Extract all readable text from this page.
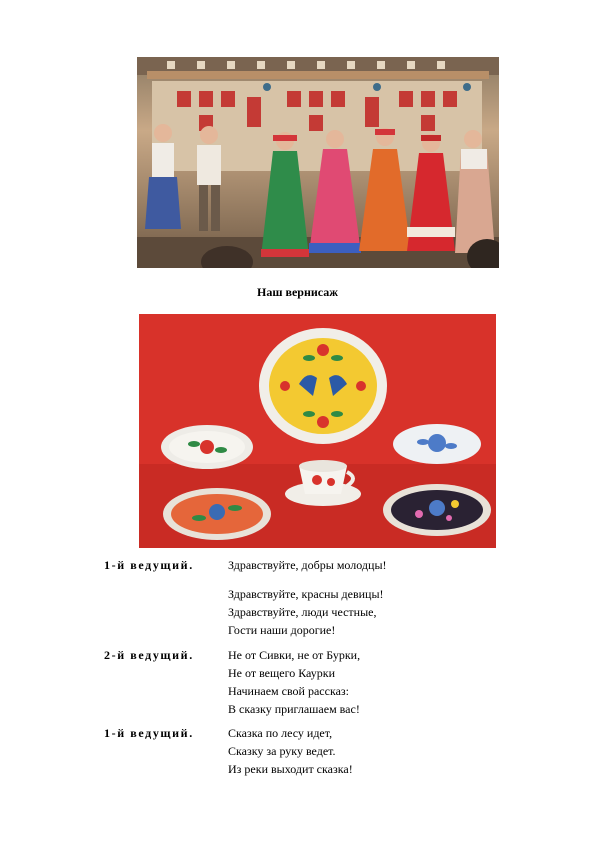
Наш вернисаж
1-й ведущий.	Здравствуйте, добры молодцы!
Здравствуйте, красны девицы!
Здравствуйте, люди честные,
Гости наши дорогие!
2-й ведущий.	Не от Сивки, не от Бурки,
Не от вещего Каурки
Начинаем свой рассказ:
В сказку приглашаем вас!
1-й ведущий.	Сказка по лесу идет,
Сказку за руку ведет.
Из реки выходит сказка!
